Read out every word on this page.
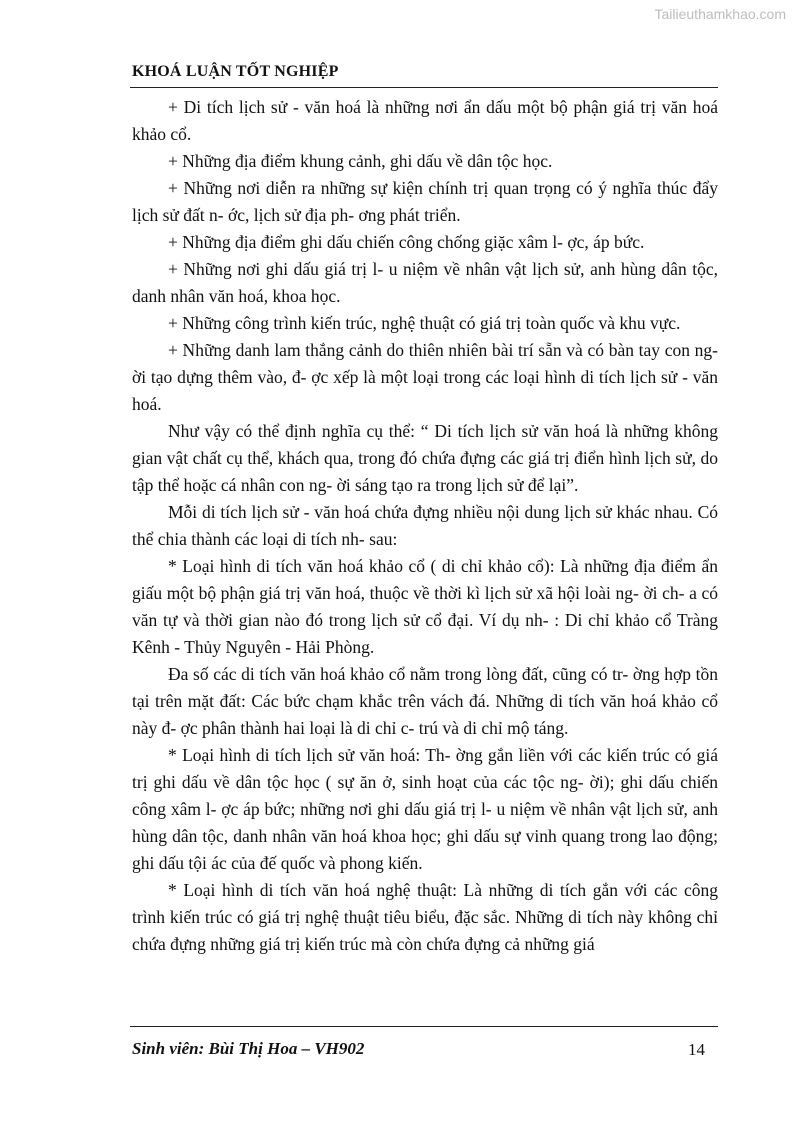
Tailieuthamkhao.com
KHOÁ LUẬN TỐT NGHIỆP

+ Di tích lịch sử - văn hoá là những nơi ẩn dấu một bộ phận giá trị văn hoá khảo cổ.

+ Những địa điểm khung cảnh, ghi dấu về dân tộc học.

+ Những nơi diễn ra những sự kiện chính trị quan trọng có ý nghĩa thúc đẩy lịch sử đất n- ớc, lịch sử địa ph- ơng phát triển.

+ Những địa điểm ghi dấu chiến công chống giặc xâm l- ợc, áp bức.

+ Những nơi ghi dấu giá trị l- u niệm về nhân vật lịch sử, anh hùng dân tộc, danh nhân văn hoá, khoa học.

+ Những công trình kiến trúc, nghệ thuật có giá trị toàn quốc và khu vực.

+ Những danh lam thắng cảnh do thiên nhiên bài trí sẵn và có bàn tay con ng- ời tạo dựng thêm vào, đ- ợc xếp là một loại trong các loại hình di tích lịch sử - văn hoá.

Như vậy có thể định nghĩa cụ thể: “ Di tích lịch sử văn hoá là những không gian vật chất cụ thể, khách qua, trong đó chứa đựng các giá trị điển hình lịch sử, do tập thể hoặc cá nhân con ng- ời sáng tạo ra trong lịch sử để lại”.

Mỗi di tích lịch sử - văn hoá chứa đựng nhiều nội dung lịch sử khác nhau. Có thể chia thành các loại di tích nh- sau:

* Loại hình di tích văn hoá khảo cổ ( di chỉ khảo cổ): Là những địa điểm ẩn giấu một bộ phận giá trị văn hoá, thuộc về thời kì lịch sử xã hội loài ng- ời ch- a có văn tự và thời gian nào đó trong lịch sử cổ đại. Ví dụ nh- : Di chỉ khảo cổ Tràng Kênh - Thủy Nguyên - Hải Phòng.

Đa số các di tích văn hoá khảo cổ nằm trong lòng đất, cũng có tr- ờng hợp tồn tại trên mặt đất: Các bức chạm khắc trên vách đá. Những di tích văn hoá khảo cổ này đ- ợc phân thành hai loại là di chỉ c- trú và di chỉ mộ táng.

* Loại hình di tích lịch sử văn hoá: Th- ờng gắn liền với các kiến trúc có giá trị ghi dấu về dân tộc học ( sự ăn ở, sinh hoạt của các tộc ng- ời); ghi dấu chiến công xâm l- ợc áp bức; những nơi ghi dấu giá trị l- u niệm về nhân vật lịch sử, anh hùng dân tộc, danh nhân văn hoá khoa học; ghi dấu sự vinh quang trong lao động; ghi dấu tội ác của đế quốc và phong kiến.

* Loại hình di tích văn hoá nghệ thuật: Là những di tích gắn với các công trình kiến trúc có giá trị nghệ thuật tiêu biểu, đặc sắc. Những di tích này không chỉ chứa đựng những giá trị kiến trúc mà còn chứa đựng cả những giá

Sinh viên: Bùi Thị Hoa – VH902	14
